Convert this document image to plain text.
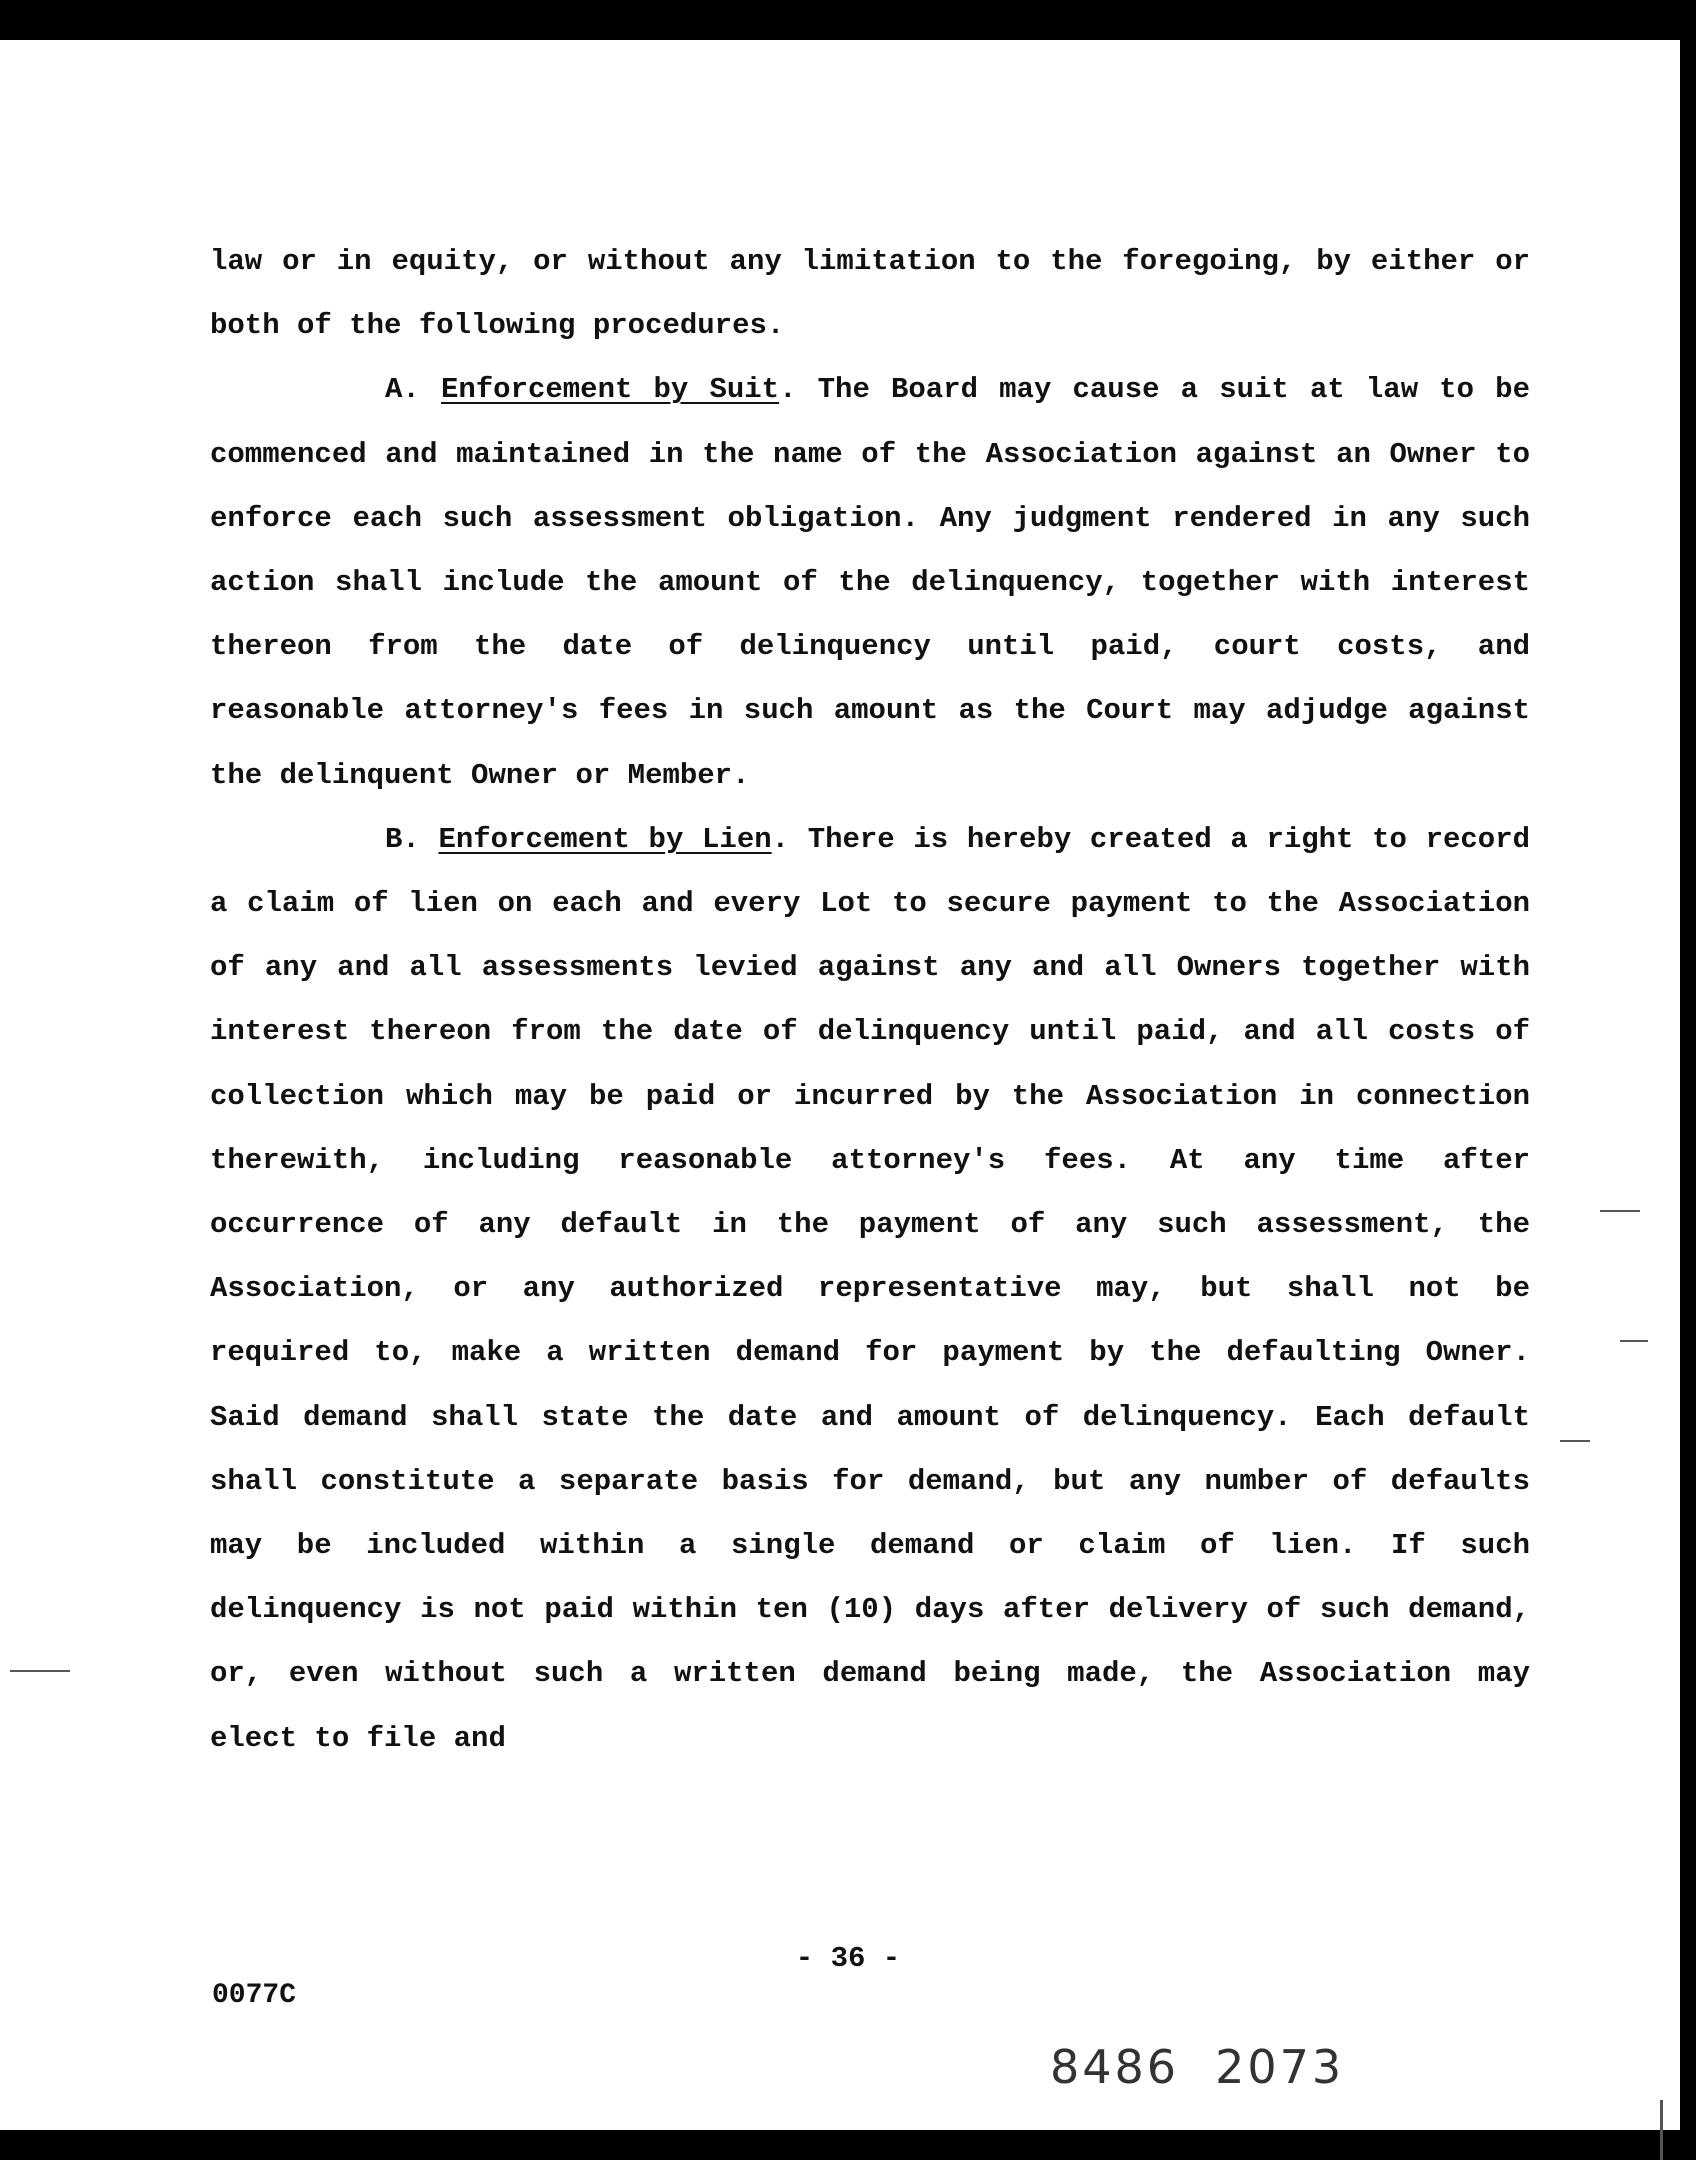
law or in equity, or without any limitation to the foregoing, by either or both of the following procedures.

A. Enforcement by Suit. The Board may cause a suit at law to be commenced and maintained in the name of the Association against an Owner to enforce each such assessment obligation. Any judgment rendered in any such action shall include the amount of the delinquency, together with interest thereon from the date of delinquency until paid, court costs, and reasonable attorney's fees in such amount as the Court may adjudge against the delinquent Owner or Member.

B. Enforcement by Lien. There is hereby created a right to record a claim of lien on each and every Lot to secure payment to the Association of any and all assessments levied against any and all Owners together with interest thereon from the date of delinquency until paid, and all costs of collection which may be paid or incurred by the Association in connection therewith, including reasonable attorney's fees. At any time after occurrence of any default in the payment of any such assessment, the Association, or any authorized representative may, but shall not be required to, make a written demand for payment by the defaulting Owner. Said demand shall state the date and amount of delinquency. Each default shall constitute a separate basis for demand, but any number of defaults may be included within a single demand or claim of lien. If such delinquency is not paid within ten (10) days after delivery of such demand, or, even without such a written demand being made, the Association may elect to file and

- 36 -
0077C
8486 2073
